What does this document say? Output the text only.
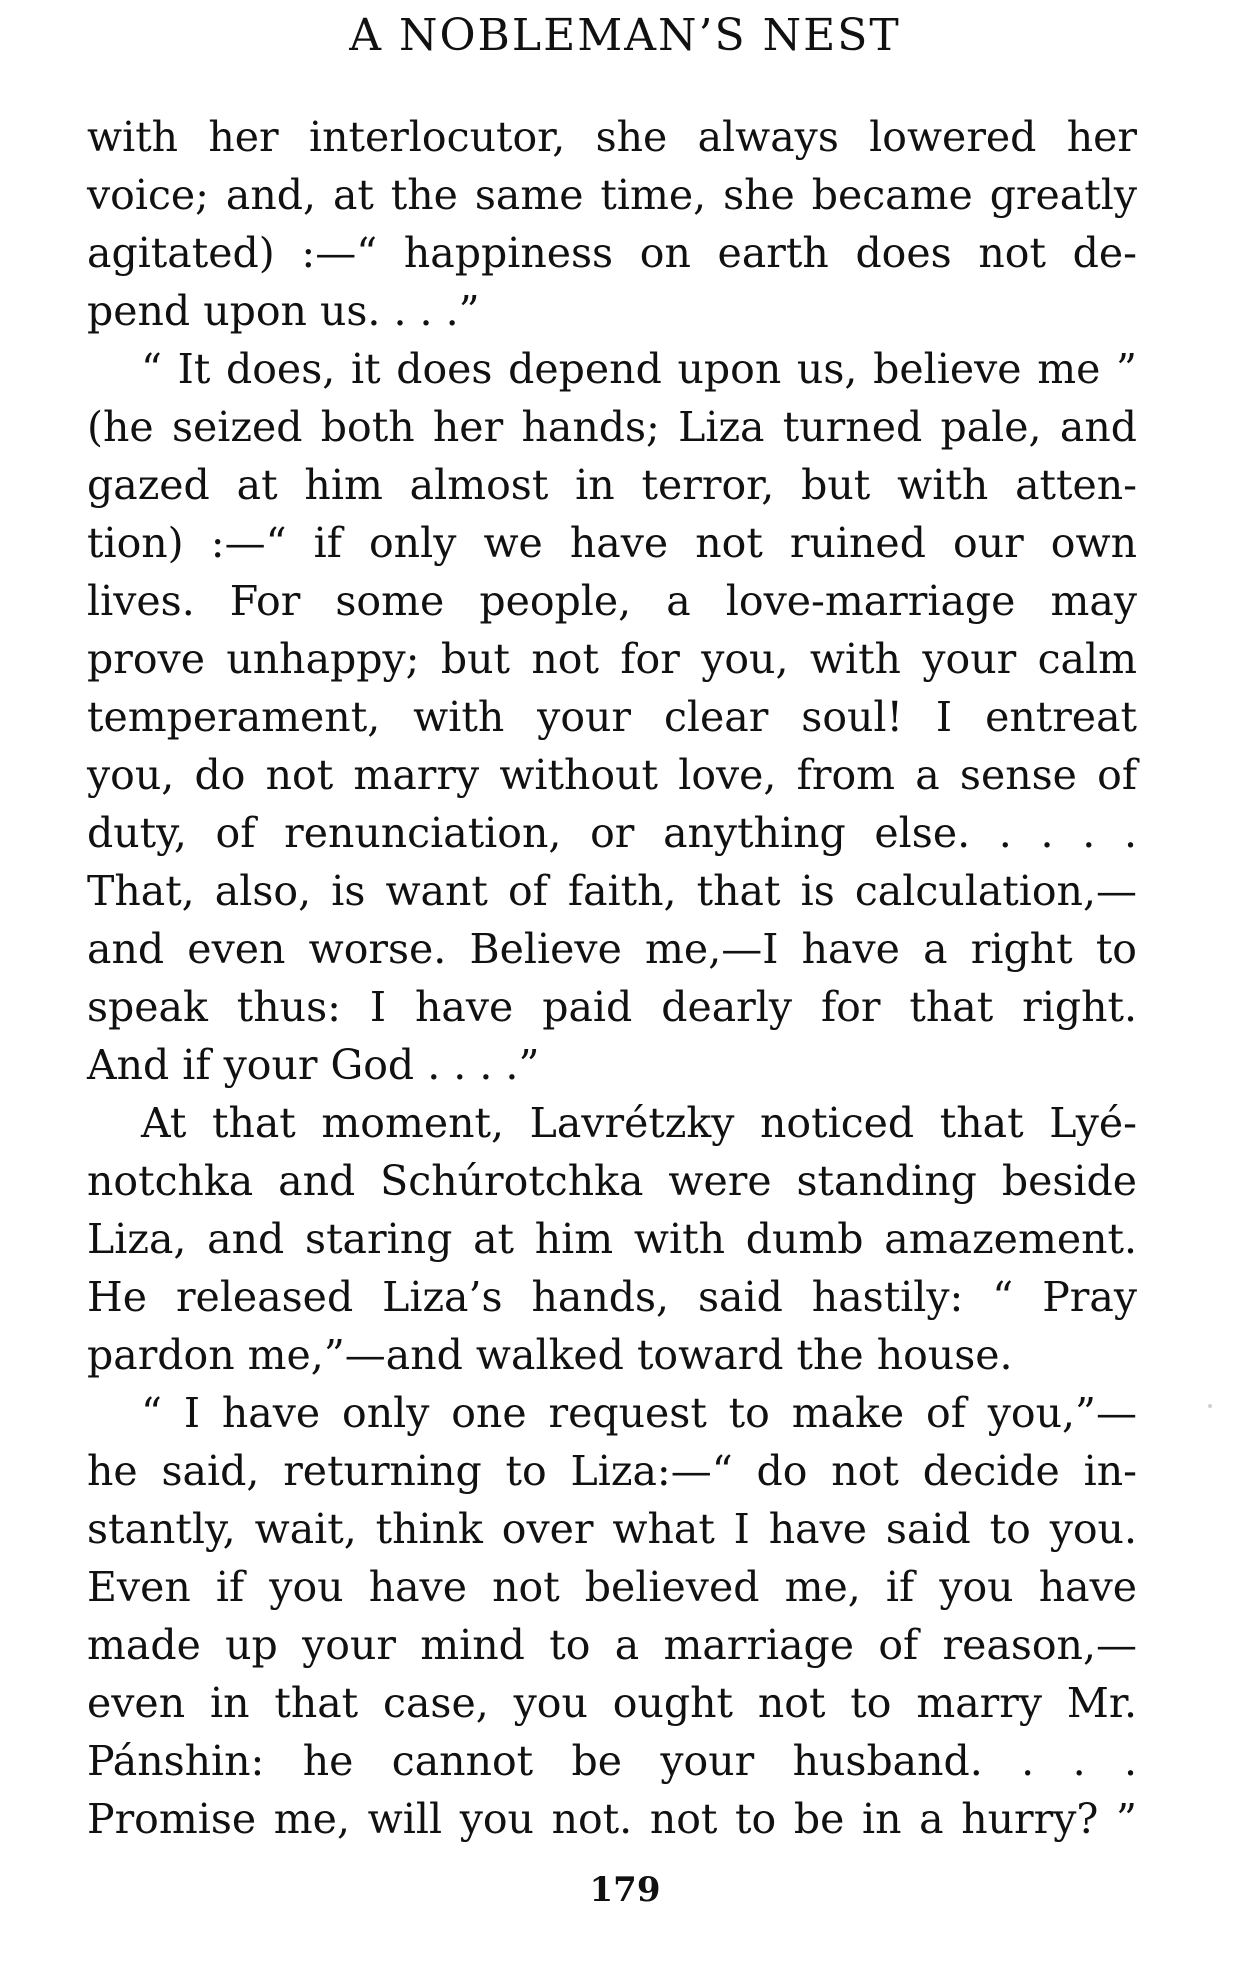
A NOBLEMAN’S NEST
with her interlocutor, she always lowered her
voice; and, at the same time, she became greatly
agitated) :—“ happiness on earth does not de-
pend upon us. . . .”
“ It does, it does depend upon us, believe me ”
(he seized both her hands; Liza turned pale, and
gazed at him almost in terror, but with atten-
tion) :—“ if only we have not ruined our own
lives. For some people, a love-marriage may
prove unhappy; but not for you, with your calm
temperament, with your clear soul! I entreat
you, do not marry without love, from a sense of
duty, of renunciation, or anything else. . . . .
That, also, is want of faith, that is calculation,—
and even worse. Believe me,—I have a right to
speak thus: I have paid dearly for that right.
And if your God . . . .”
At that moment, Lavrétzky noticed that Lyé-
notchka and Schúrotchka were standing beside
Liza, and staring at him with dumb amazement.
He released Liza’s hands, said hastily: “ Pray
pardon me,”—and walked toward the house.
“ I have only one request to make of you,”—
he said, returning to Liza:—“ do not decide in-
stantly, wait, think over what I have said to you.
Even if you have not believed me, if you have
made up your mind to a marriage of reason,—
even in that case, you ought not to marry Mr.
Pánshin: he cannot be your husband. . . .
Promise me, will you not. not to be in a hurry? ”
179
